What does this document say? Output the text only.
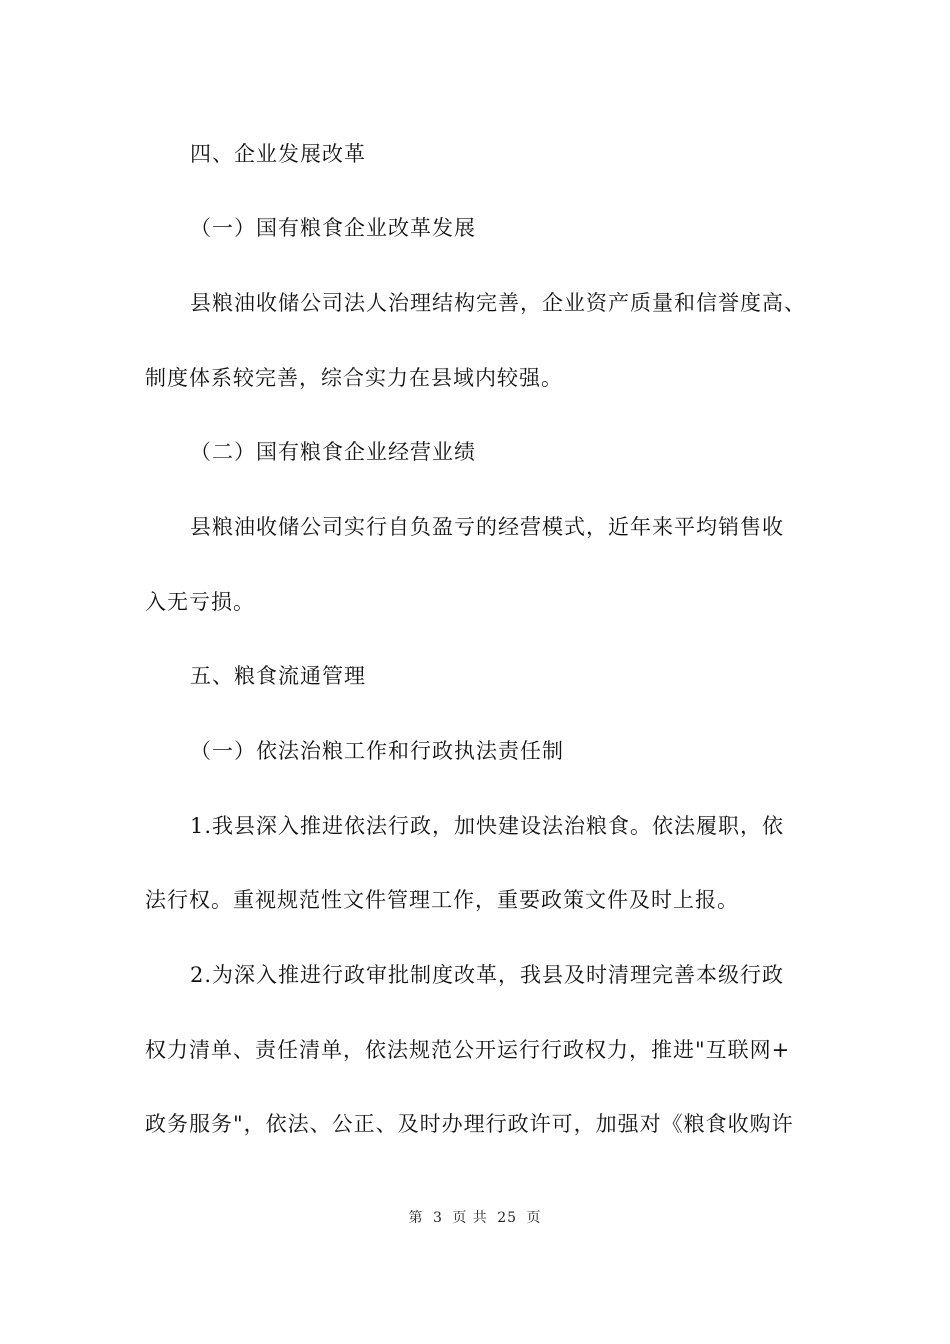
四、企业发展改革
（一）国有粮食企业改革发展
县粮油收储公司法人治理结构完善，企业资产质量和信誉度高、
制度体系较完善，综合实力在县域内较强。
（二）国有粮食企业经营业绩
县粮油收储公司实行自负盈亏的经营模式，近年来平均销售收
入无亏损。
五、粮食流通管理
（一）依法治粮工作和行政执法责任制
1.我县深入推进依法行政，加快建设法治粮食。依法履职，依
法行权。重视规范性文件管理工作，重要政策文件及时上报。
2.为深入推进行政审批制度改革，我县及时清理完善本级行政
权力清单、责任清单，依法规范公开运行行政权力，推进"互联网+
政务服务"，依法、公正、及时办理行政许可，加强对《粮食收购许
第 3 页 共 25 页
